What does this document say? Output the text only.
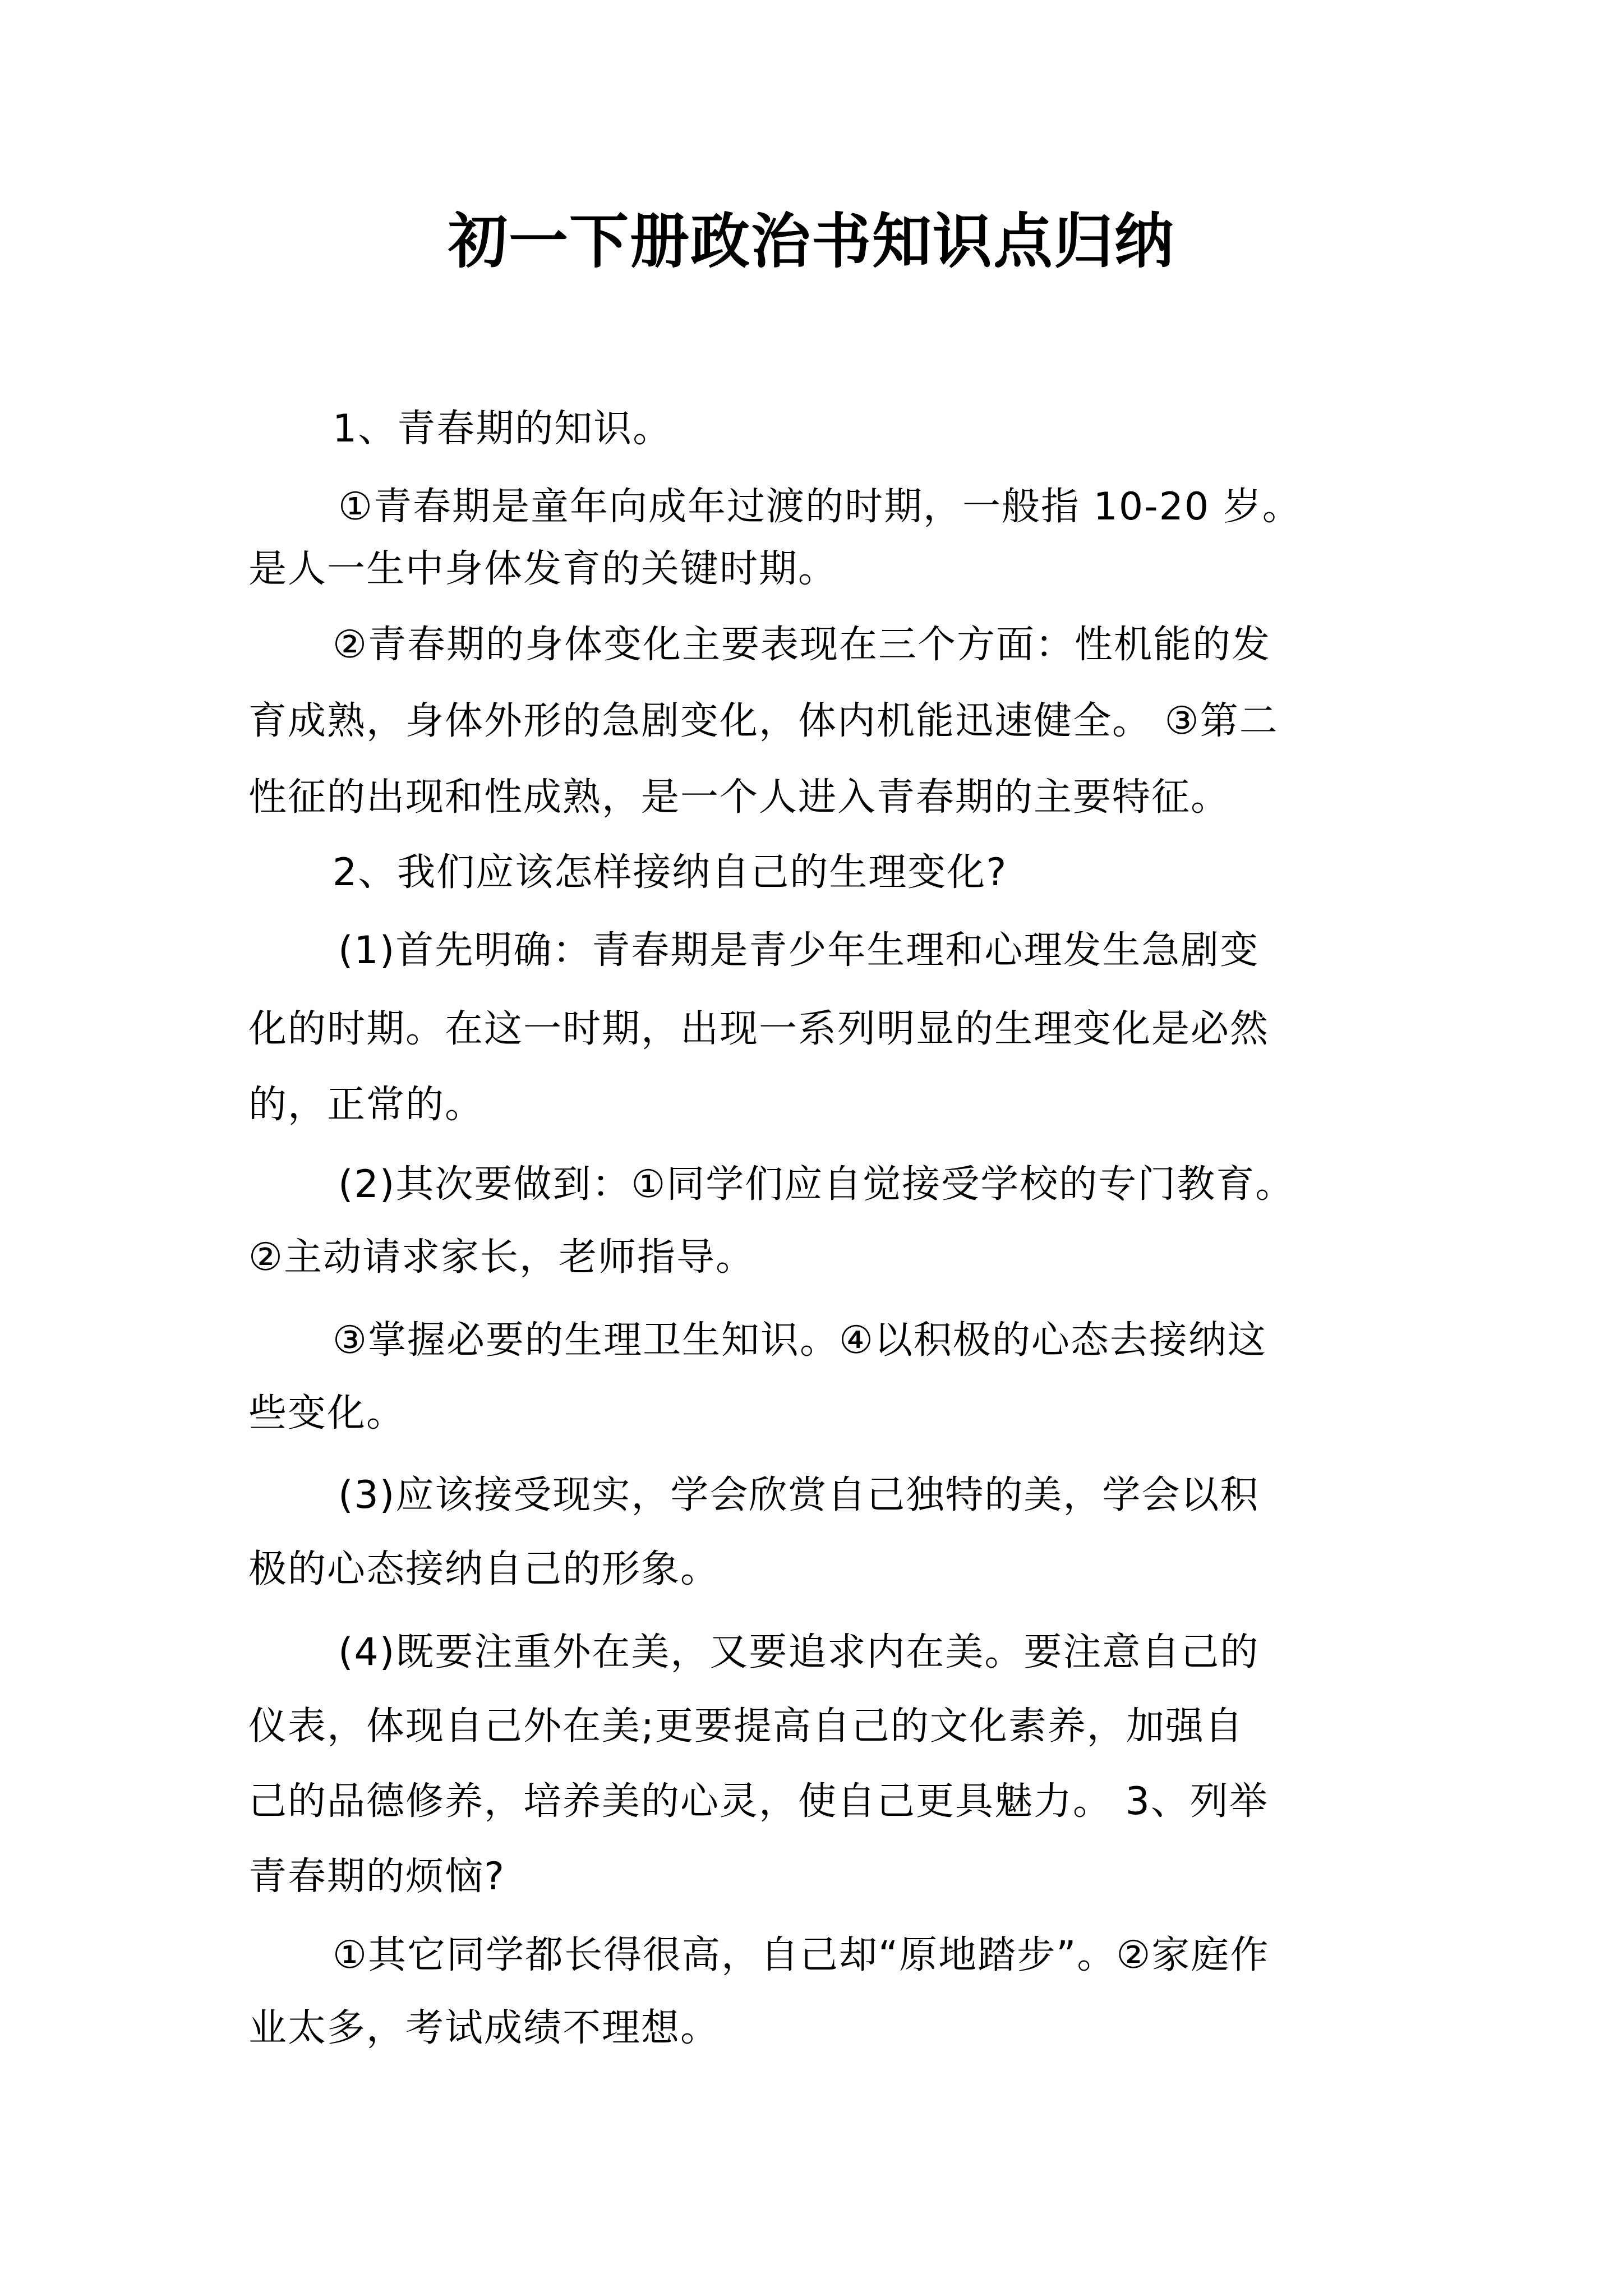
初一下册政治书知识点归纳
1、青春期的知识。
①青春期是童年向成年过渡的时期，一般指 10-20 岁。
是人一生中身体发育的关键时期。
②青春期的身体变化主要表现在三个方面：性机能的发
育成熟，身体外形的急剧变化，体内机能迅速健全。 ③第二
性征的出现和性成熟，是一个人进入青春期的主要特征。
2、我们应该怎样接纳自己的生理变化?
(1)首先明确：青春期是青少年生理和心理发生急剧变
化的时期。在这一时期，出现一系列明显的生理变化是必然
的，正常的。
(2)其次要做到：①同学们应自觉接受学校的专门教育。
②主动请求家长，老师指导。
③掌握必要的生理卫生知识。④以积极的心态去接纳这
些变化。
(3)应该接受现实，学会欣赏自己独特的美，学会以积
极的心态接纳自己的形象。
(4)既要注重外在美，又要追求内在美。要注意自己的
仪表，体现自己外在美;更要提高自己的文化素养，加强自
己的品德修养，培养美的心灵，使自己更具魅力。 3、列举
青春期的烦恼?
①其它同学都长得很高，自己却“原地踏步”。②家庭作
业太多，考试成绩不理想。
